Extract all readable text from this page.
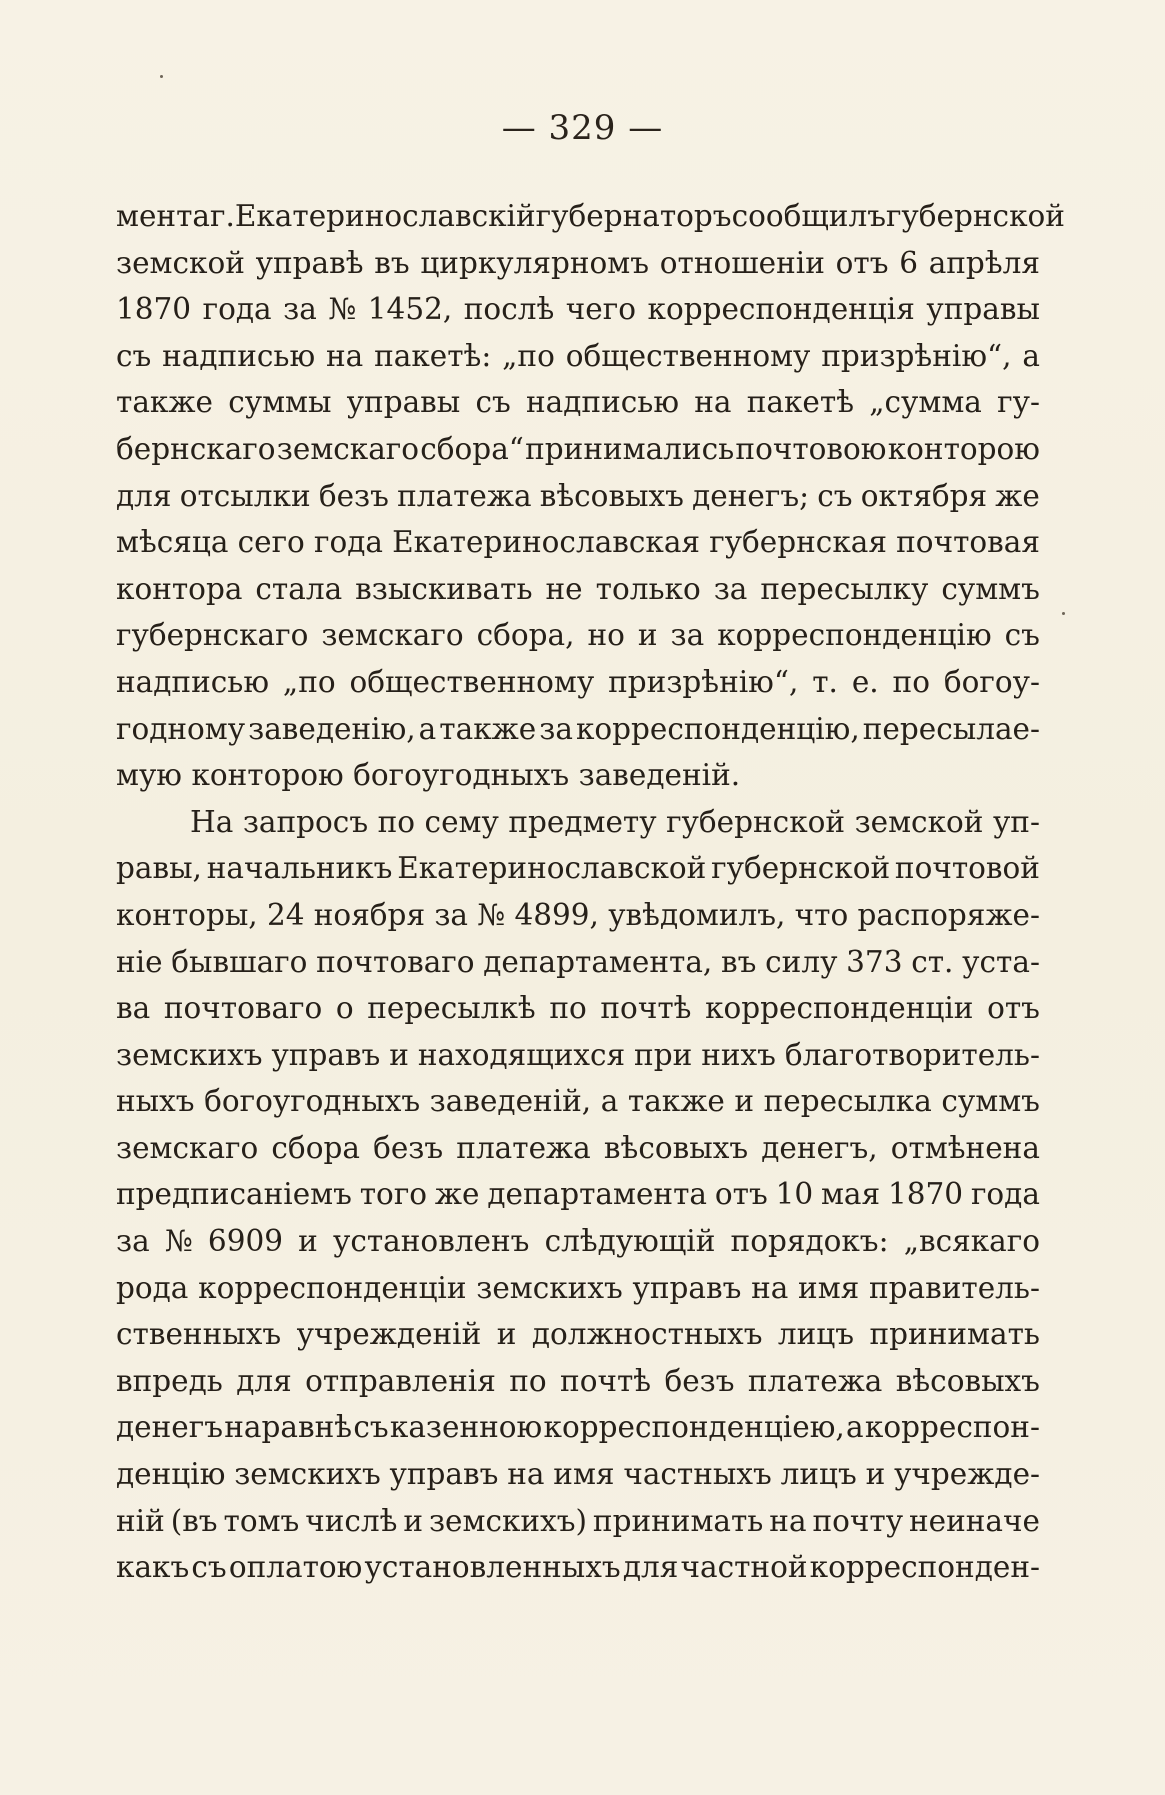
— 329 —
мента г. Екатеринославскій губернаторъ сообщилъ губернской
земской управѣ въ циркулярномъ отношеніи отъ 6 апрѣля
1870 года за № 1452, послѣ чего корреспонденція управы
съ надписью на пакетѣ: „по общественному призрѣнію“, а
также суммы управы съ надписью на пакетѣ „сумма гу-
бернскаго земскаго сбора“ принимались почтовою конторою
для отсылки безъ платежа вѣсовыхъ денегъ; съ октября же
мѣсяца сего года Екатеринославская губернская почтовая
контора стала взыскивать не только за пересылку суммъ
губернскаго земскаго сбора, но и за корреспонденцію съ
надписью „по общественному призрѣнію“, т. е. по богоу-
годному заведенію, а также за корреспонденцію, пересылае-
мую конторою богоугодныхъ заведеній.
На запросъ по сему предмету губернской земской уп-
равы, начальникъ Екатеринославской губернской почтовой
конторы, 24 ноября за № 4899, увѣдомилъ, что распоряже-
ніе бывшаго почтоваго департамента, въ силу 373 ст. уста-
ва почтоваго о пересылкѣ по почтѣ корреспонденціи отъ
земскихъ управъ и находящихся при нихъ благотворитель-
ныхъ богоугодныхъ заведеній, а также и пересылка суммъ
земскаго сбора безъ платежа вѣсовыхъ денегъ, отмѣнена
предписаніемъ того же департамента отъ 10 мая 1870 года
за № 6909 и установленъ слѣдующій порядокъ: „всякаго
рода корреспонденціи земскихъ управъ на имя правитель-
ственныхъ учрежденій и должностныхъ лицъ принимать
впредь для отправленія по почтѣ безъ платежа вѣсовыхъ
денегъ наравнѣ съ казенною корреспонденціею, а корреспон-
денцію земскихъ управъ на имя частныхъ лицъ и учрежде-
ній (въ томъ числѣ и земскихъ) принимать на почту неиначе
какъ съ оплатою установленныхъ для частной корреспонден-
